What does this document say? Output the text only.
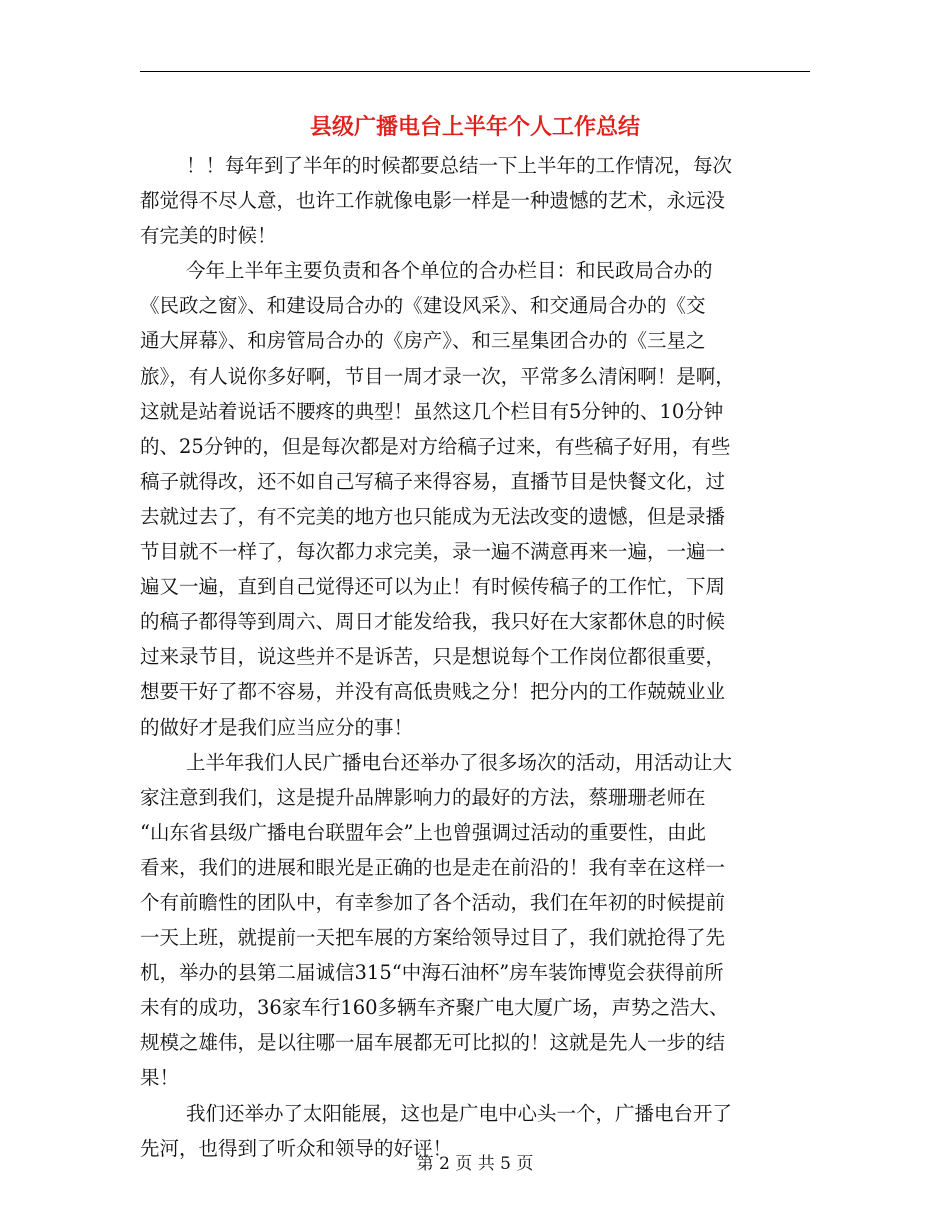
县级广播电台上半年个人工作总结
！！每年到了半年的时候都要总结一下上半年的工作情况，每次
都觉得不尽人意，也许工作就像电影一样是一种遗憾的艺术，永远没
有完美的时候！
今年上半年主要负责和各个单位的合办栏目：和民政局合办的
《民政之窗》、和建设局合办的《建设风采》、和交通局合办的《交
通大屏幕》、和房管局合办的《房产》、和三星集团合办的《三星之
旅》，有人说你多好啊，节目一周才录一次，平常多么清闲啊！是啊，
这就是站着说话不腰疼的典型！虽然这几个栏目有5分钟的、10分钟
的、25分钟的，但是每次都是对方给稿子过来，有些稿子好用，有些
稿子就得改，还不如自己写稿子来得容易，直播节目是快餐文化，过
去就过去了，有不完美的地方也只能成为无法改变的遗憾，但是录播
节目就不一样了，每次都力求完美，录一遍不满意再来一遍，一遍一
遍又一遍，直到自己觉得还可以为止！有时候传稿子的工作忙，下周
的稿子都得等到周六、周日才能发给我，我只好在大家都休息的时候
过来录节目，说这些并不是诉苦，只是想说每个工作岗位都很重要，
想要干好了都不容易，并没有高低贵贱之分！把分内的工作兢兢业业
的做好才是我们应当应分的事！
上半年我们人民广播电台还举办了很多场次的活动，用活动让大
家注意到我们，这是提升品牌影响力的最好的方法，蔡珊珊老师在
“山东省县级广播电台联盟年会”上也曾强调过活动的重要性，由此
看来，我们的进展和眼光是正确的也是走在前沿的！我有幸在这样一
个有前瞻性的团队中，有幸参加了各个活动，我们在年初的时候提前
一天上班，就提前一天把车展的方案给领导过目了，我们就抢得了先
机，举办的县第二届诚信315“中海石油杯”房车装饰博览会获得前所
未有的成功，36家车行160多辆车齐聚广电大厦广场，声势之浩大、
规模之雄伟，是以往哪一届车展都无可比拟的！这就是先人一步的结
果！
我们还举办了太阳能展，这也是广电中心头一个，广播电台开了
先河，也得到了听众和领导的好评！
第 2 页 共 5 页
